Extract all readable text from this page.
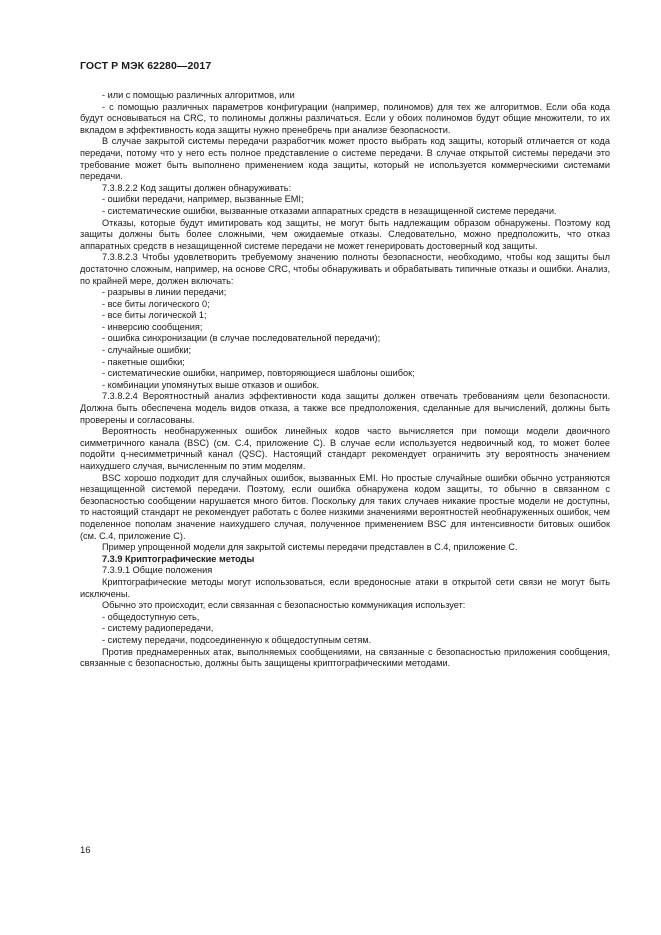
ГОСТ Р МЭК 62280—2017

- или с помощью различных алгоритмов, или

- с помощью различных параметров конфигурации (например, полиномов) для тех же алгоритмов. Если оба кода будут основываться на CRC, то полиномы должны различаться. Если у обоих полиномов будут общие множители, то их вкладом в эффективность кода защиты нужно пренебречь при анализе безопасности.

В случае закрытой системы передачи разработчик может просто выбрать код защиты, который отличается от кода передачи, потому что у него есть полное представление о системе передачи. В случае открытой системы передачи это требование может быть выполнено применением кода защиты, который не используется коммерческими системами передачи.

7.3.8.2.2 Код защиты должен обнаруживать:

- ошибки передачи, например, вызванные EMI;

- систематические ошибки, вызванные отказами аппаратных средств в незащищенной системе передачи.

Отказы, которые будут имитировать код защиты, не могут быть надлежащим образом обнаружены. Поэтому код защиты должны быть более сложными, чем ожидаемые отказы. Следовательно, можно предположить, что отказ аппаратных средств в незащищенной системе передачи не может генерировать достоверный код защиты.

7.3.8.2.3 Чтобы удовлетворить требуемому значению полноты безопасности, необходимо, чтобы код защиты был достаточно сложным, например, на основе CRC, чтобы обнаруживать и обрабатывать типичные отказы и ошибки. Анализ, по крайней мере, должен включать:

- разрывы в линии передачи;

- все биты логического 0;

- все биты логической 1;

- инверсию сообщения;

- ошибка синхронизации (в случае последовательной передачи);

- случайные ошибки;

- пакетные ошибки;

- систематические ошибки, например, повторяющиеся шаблоны ошибок;

- комбинации упомянутых выше отказов и ошибок.

7.3.8.2.4 Вероятностный анализ эффективности кода защиты должен отвечать требованиям цели безопасности. Должна быть обеспечена модель видов отказа, а также все предположения, сделанные для вычислений, должны быть проверены и согласованы.

Вероятность необнаруженных ошибок линейных кодов часто вычисляется при помощи модели двоичного симметричного канала (BSC) (см. С.4, приложение С). В случае если используется недвоичный код, то может более подойти q-несимметричный канал (QSC). Настоящий стандарт рекомендует ограничить эту вероятность значением наихудшего случая, вычисленным по этим моделям.

BSC хорошо подходит для случайных ошибок, вызванных EMI. Но простые случайные ошибки обычно устраняются незащищенной системой передачи. Поэтому, если ошибка обнаружена кодом защиты, то обычно в связанном с безопасностью сообщении нарушается много битов. Поскольку для таких случаев никакие простые модели не доступны, то настоящий стандарт не рекомендует работать с более низкими значениями вероятностей необнаруженных ошибок, чем поделенное пополам значение наихудшего случая, полученное применением BSC для интенсивности битовых ошибок (см. С.4, приложение С).

Пример упрощенной модели для закрытой системы передачи представлен в С.4, приложение С.

7.3.9 Криптографические методы

7.3.9.1 Общие положения

Криптографические методы могут использоваться, если вредоносные атаки в открытой сети связи не могут быть исключены.

Обычно это происходит, если связанная с безопасностью коммуникация использует:

- общедоступную сеть,

- систему радиопередачи,

- систему передачи, подсоединенную к общедоступным сетям.

Против преднамеренных атак, выполняемых сообщениями, на связанные с безопасностью приложения сообщения, связанные с безопасностью, должны быть защищены криптографическими методами.

16
